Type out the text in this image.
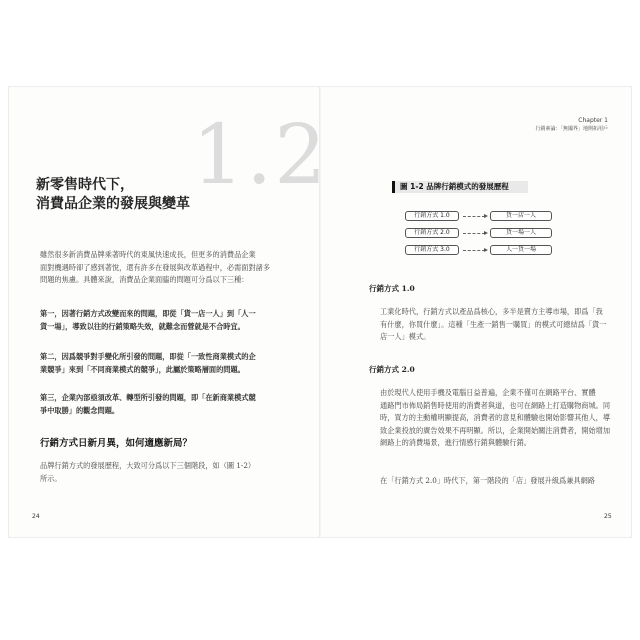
Chapter 1
行銷素論：「無國界」地開拓用戶
1.2
新零售時代下，
消費品企業的發展與變革
雖然很多新消費品牌乘著時代的東風快速成長，但更多的消費品企業
面對機遇時卻了感到著悅，還有許多在發展與改革過程中，必需面對諸多
問題的焦慮。具體來說，消費品企業面臨的問題可分爲以下三種：
第一，因著行銷方式改變而來的問題，即從「貨一店一人」到「人一
貨一場」，導致以往的行銷策略失效，就難念而營就是不合時宜。
第二，因爲競爭對手變化所引發的問題，即從「一致性商業模式的企
業競爭」來到「不同商業模式的競爭」，此屬於策略層面的問題。
第三，企業內部亟須改革、轉型所引發的問題，即「在新商業模式競
爭中取勝」的觀念問題。
行銷方式日新月異，如何適應新局？
品牌行銷方式的發展歷程，大致可分爲以下三個階段，如（圖 1-2）
所示。
24
圖 1-2 品牌行銷模式的發展歷程
行銷方式 1.0	貨一店一人
行銷方式 2.0	貨一場一人
行銷方式 3.0	人一貨一場
行銷方式 1.0
工業化時代，行銷方式以產品爲核心，多半是賣方主導市場，即爲「我
有什麼，你買什麼」。這種「生產一銷售一購買」的模式可總結爲「貨一
店一人」模式。
行銷方式 2.0
由於現代人使用手機及電腦日益普遍，企業不僅可在網路平台、實體
通路門市佈局銷售時使用的消費者與道，也可在網路上打造購物商城。同
時，買方的主動權明顯提高，消費者的意見和體驗也開始影響其他人，導
致企業投放的廣告效果不再明顯。所以，企業開始關注消費者，開始增加
網路上的消費場景，進行情感行銷與體驗行銷。
在「行銷方式 2.0」時代下，第一階段的「店」發展升級爲兼具網路
25
